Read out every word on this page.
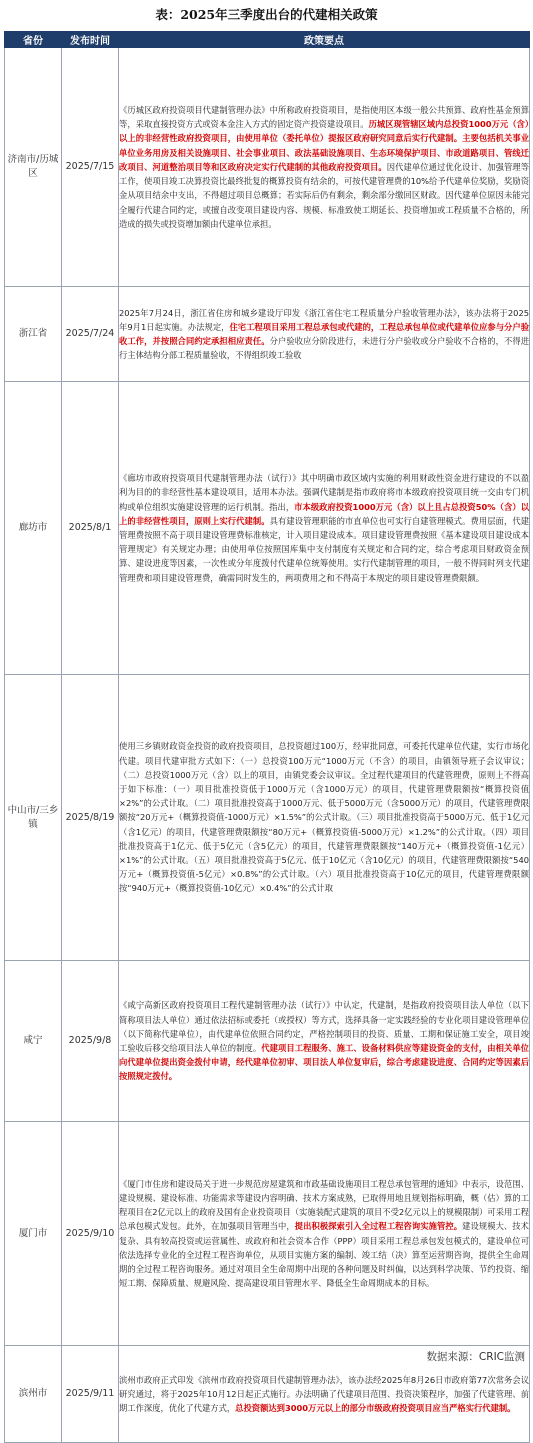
表：2025年三季度出台的代建相关政策
省份	发布时间	政策要点
济南市/历城区	2025/7/15	《历城区政府投资项目代建制管理办法》中所称政府投资项目，是指使用区本级一般公共预算、政府性基金预算等，采取直接投资方式或资本金注入方式的固定资产投资建设项目。历城区现管辖区域内总投资1000万元（含）以上的非经营性政府投资项目，由使用单位（委托单位）提报区政府研究同意后实行代建制。主要包括机关事业单位业务用房及相关设施项目、社会事业项目、政法基础设施项目、生态环境保护项目、市政道路项目、管线迁改项目、河道整治项目等和区政府决定实行代建制的其他政府投资项目。因代建单位通过优化设计、加强管理等工作，使项目竣工决算投资比最终批复的概算投资有结余的，可按代建管理费的10%给予代建单位奖励，奖励资金从项目结余中支出，不得超过项目总概算；若实际后仍有剩余，剩余部分缴回区财政。因代建单位原因未能完全履行代建合同约定，或擅自改变项目建设内容、规模、标准致使工期延长、投资增加或工程质量不合格的，所造成的损失或投资增加额由代建单位承担。
浙江省	2025/7/24	2025年7月24日，浙江省住房和城乡建设厅印发《浙江省住宅工程质量分户验收管理办法》，该办法将于2025年9月1日起实施。办法规定，住宅工程项目采用工程总承包或代建的，工程总承包单位或代建单位应参与分户验收工作，并按照合同约定承担相应责任。分户验收应分阶段进行，未进行分户验收或分户验收不合格的，不得进行主体结构分部工程质量验收，不得组织竣工验收
廊坊市	2025/8/1	《廊坊市政府投资项目代建制管理办法（试行）》其中明确市政区域内实施的利用财政性资金进行建设的不以盈利为目的的非经营性基本建设项目，适用本办法。强调代建制是指市政府将市本级政府投资项目统一交由专门机构或单位组织实施建设管理的运行机制。指出，市本级政府投资1000万元（含）以上且占总投资50%（含）以上的非经营性项目，原则上实行代建制。具有建设管理职能的市直单位也可实行自建管理模式。费用层面，代建管理费按照不高于项目建设管理费标准核定，计入项目建设成本。项目建设管理费按照《基本建设项目建设成本管理规定》有关规定办理；由使用单位按照国库集中支付制度有关规定和合同约定，综合考虑项目财政资金预算、建设进度等因素，一次性或分年度拨付代建单位统筹使用。实行代建制管理的项目，一般不得同时列支代建管理费和项目建设管理费，确需同时发生的，两项费用之和不得高于本规定的项目建设管理费限额。
中山市/三乡镇	2025/8/19	使用三乡镇财政资金投资的政府投资项目，总投资超过100万，经审批同意，可委托代建单位代建，实行市场化代建。项目代建审批方式如下：（一）总投资100万元“1000万元（不含）的项目，由镇领导班子会议审议；（二）总投资1000万元（含）以上的项目，由镇党委会议审议。全过程代建项目的代建管理费，原则上不得高于如下标准：（一）项目批准投资低于1000万元（含1000万元）的项目，代建管理费限额按“概算投资值×2%”的公式计取。（二）项目批准投资高于1000万元、低于5000万元（含5000万元）的项目，代建管理费限额按“20万元+（概算投资值-1000万元）×1.5%”的公式计取。（三）项目批准投资高于5000万元、低于1亿元（含1亿元）的项目，代建管理费限额按“80万元+（概算投资值-5000万元）×1.2%”的公式计取。（四）项目批准投资高于1亿元、低于5亿元（含5亿元）的项目，代建管理费限额按“140万元+（概算投资值-1亿元）×1%”的公式计取。（五）项目批准投资高于5亿元、低于10亿元（含10亿元）的项目，代建管理费限额按“540万元+（概算投资值-5亿元）×0.8%”的公式计取。（六）项目批准投资高于10亿元的项目，代建管理费限额按“940万元+（概算投资值-10亿元）×0.4%”的公式计取
咸宁	2025/9/8	《咸宁高新区政府投资项目工程代建制管理办法（试行）》中认定，代建制，是指政府投资项目法人单位（以下简称项目法人单位）通过依法招标或委托（或授权）等方式，选择具备一定实践经验的专业化项目建设管理单位（以下简称代建单位），由代建单位依照合同约定，严格控制项目的投资、质量、工期和保证施工安全，项目竣工验收后移交给项目法人单位的制度。代建项目工程服务、施工、设备材料供应等建设资金的支付，由相关单位向代建单位提出资金拨付申请，经代建单位初审、项目法人单位复审后，综合考虑建设进度、合同约定等因素后按照规定拨付。
厦门市	2025/9/10	《厦门市住房和建设局关于进一步规范房屋建筑和市政基础设施项目工程总承包管理的通知》中表示，设范围、建设规模、建设标准、功能需求等建设内容明确、技术方案成熟，已取得用地且规划指标明确，概（估）算的工程项目在2亿元以上的政府及国有企业投资项目（实施装配式建筑的项目不受2亿元以上的规模限制）可采用工程总承包模式发包。此外，在加强项目管理当中，提出积极探索引入全过程工程咨询实施管控。建设规模大、技术复杂、具有较高投资或运营属性、或政府和社会资本合作（PPP）项目采用工程总承包发包模式的，建设单位可依法选择专业化的全过程工程咨询单位，从项目实施方案的编制、竣工结（决）算至运营期咨询，提供全生命周期的全过程工程咨询服务。通过对项目全生命周期中出现的各种问题及时纠偏，以达到科学决策、节约投资、缩短工期、保障质量、规避风险、提高建设项目管理水平、降低全生命周期成本的目标。
滨州市	2025/9/11	滨州市政府正式印发《滨州市政府投资项目代建制管理办法》，该办法经2025年8月26日市政府第77次常务会议研究通过，将于2025年10月12日起正式施行。办法明确了代建项目范围、投资决策程序，加强了代建管理、前期工作深度，优化了代建方式，总投资额达到3000万元以上的部分市级政府投资项目应当严格实行代建制。
数据来源：CRIC监测
